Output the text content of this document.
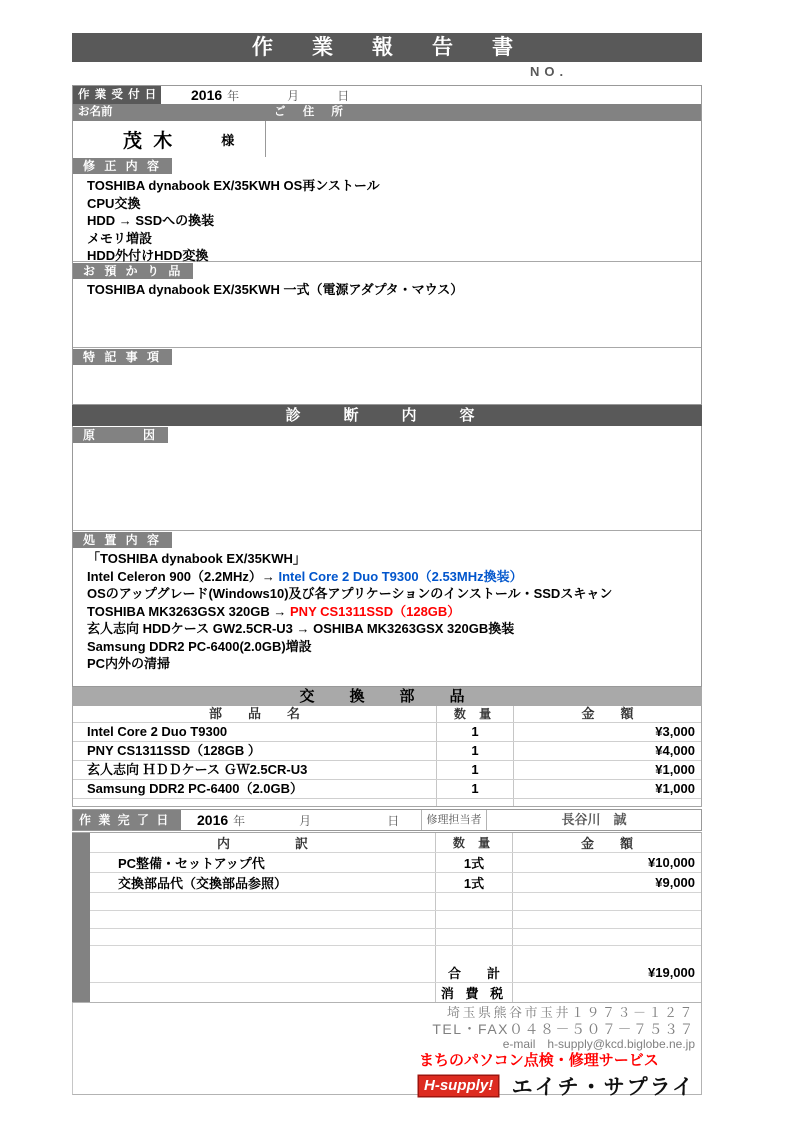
作　業　報　告　書
NO.
作 業 受 付 日 2016 年	月	日
お名前	ご 住 所
茂 木	様
修 正 内 容
TOSHIBA dynabook EX/35KWH OS再ンストール
CPU交換
HDD → SSDへの換装
メモリ増設
HDD外付けHDD変換
お 預 か り 品
TOSHIBA dynabook EX/35KWH 一式（電源アダプタ・マウス）
特 記 事 項
診　断　内　容
原　　　因
処 置 内 容
「TOSHIBA dynabook EX/35KWH」
Intel Celeron 900（2.2MHz）→ Intel Core 2 Duo T9300（2.53MHz換装）
OSのアップグレード(Windows10)及び各アプリケーションのインストール・SSDスキャン
TOSHIBA MK3263GSX 320GB → PNY CS1311SSD（128GB）
玄人志向 HDDケース GW2.5CR-U3 → OSHIBA MK3263GSX 320GB換装
Samsung DDR2 PC-6400(2.0GB)増設
PC内外の清掃
交　換　部　品
部　　品　　名	数 量	金　　額
Intel Core 2 Duo T9300	1	¥3,000
PNY CS1311SSD（128GB ）	1	¥4,000
玄人志向 ＨＤＤケース ＧＷ2.5CR-U3	1	¥1,000
Samsung DDR2 PC-6400（2.0GB）	1	¥1,000
作 業 完 了 日	2016 年	月	日	修理担当者	長谷川　誠
内　　　　　訳	数 量	金　　額
PC整備・セットアップ代	1式	¥10,000
交換部品代（交換部品参照）	1式	¥9,000
合　　計	¥19,000
消 費 税
埼玉県熊谷市玉井１９７３－１２７
TEL・FAX０４８－５０７－７５３７
e-mail h-supply@kcd.biglobe.ne.jp
まちのパソコン点検・修理サービス
H-supply! エイチ・サプライ
